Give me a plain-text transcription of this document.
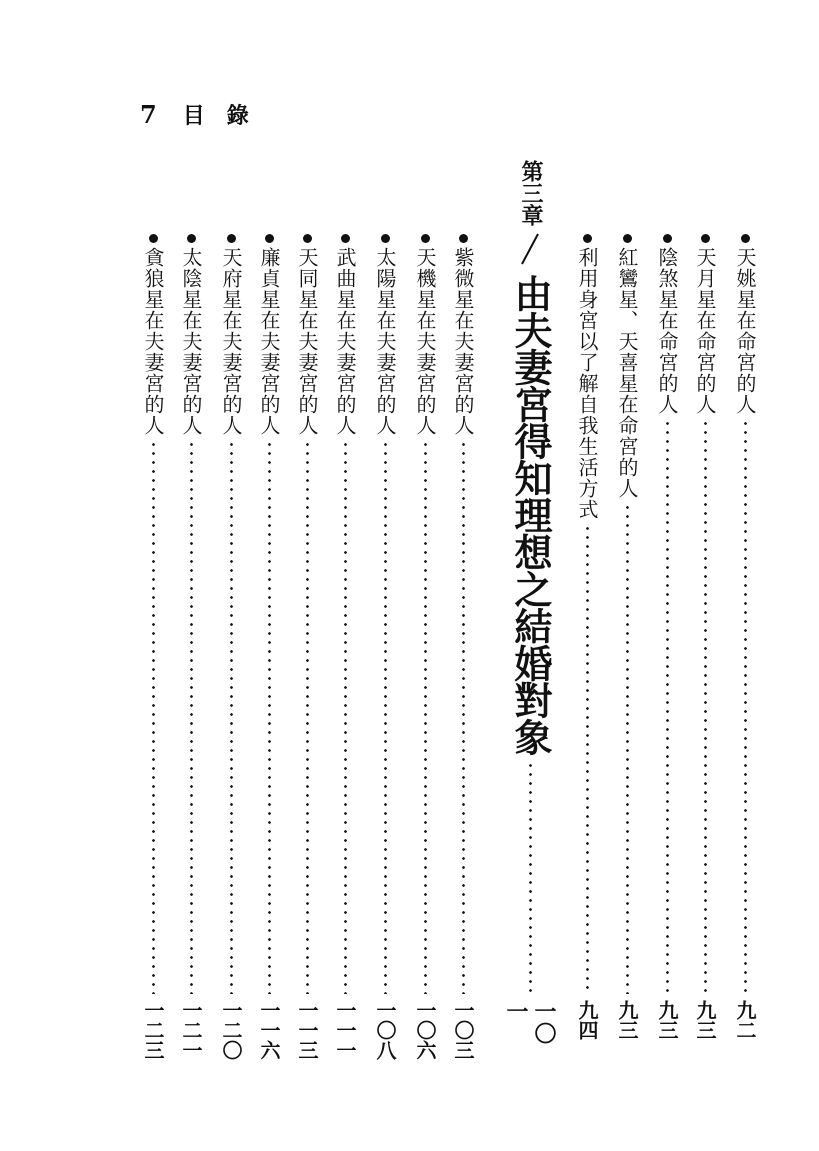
7 目 錄
天姚星在命宮的人
九二
天月星在命宮的人
九三
陰煞星在命宮的人
九三
紅鸞星、天喜星在命宮的人
九三
利用身宮以了解自我生活方式
九四
第三章
由夫妻宮得知理想之結婚對象
一〇一
紫微星在夫妻宮的人
一〇三
天機星在夫妻宮的人
一〇六
太陽星在夫妻宮的人
一〇八
武曲星在夫妻宮的人
一一一
天同星在夫妻宮的人
一一三
廉貞星在夫妻宮的人
一一六
天府星在夫妻宮的人
一二〇
太陰星在夫妻宮的人
一二一
貪狼星在夫妻宮的人
一二三
